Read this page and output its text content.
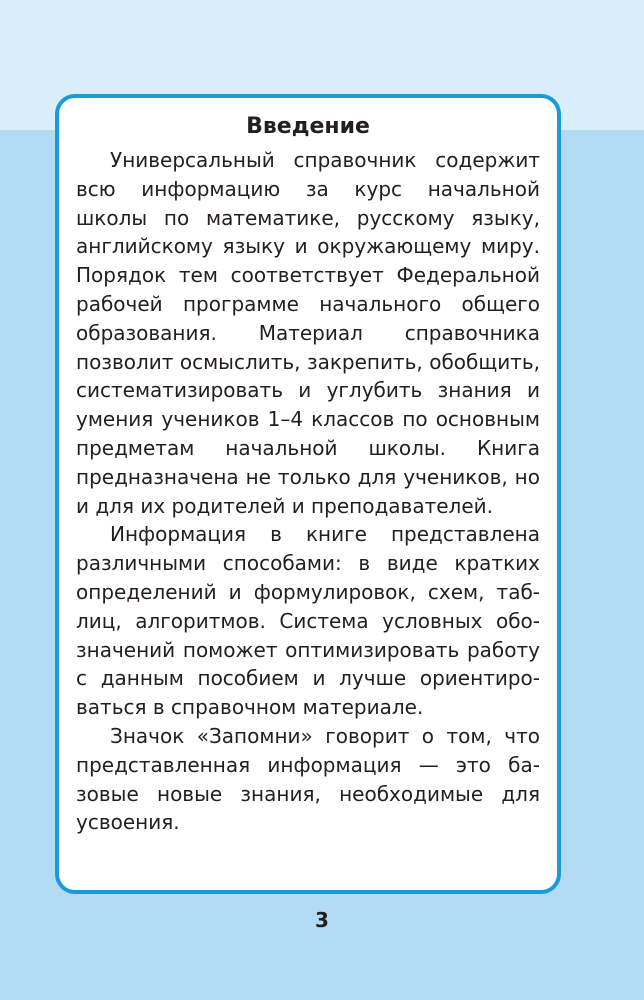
Введение

Универсальный справочник содержит всю информацию за курс начальной школы по математике, русскому языку, английскому языку и окружающему миру. Порядок тем соответствует Федеральной рабочей программе начального общего образования. Материал справочника позволит осмыслить, закрепить, обобщить, систематизировать и углубить знания и умения учеников 1–4 классов по основным предметам начальной школы. Книга предназначена не только для учеников, но и для их родителей и преподавателей.

Информация в книге представлена различными способами: в виде кратких определений и формулировок, схем, таблиц, алгоритмов. Система условных обозначений поможет оптимизировать работу с данным пособием и лучше ориентироваться в справочном материале.

Значок «Запомни» говорит о том, что представленная информация — это базовые новые знания, необходимые для усвоения.

3
